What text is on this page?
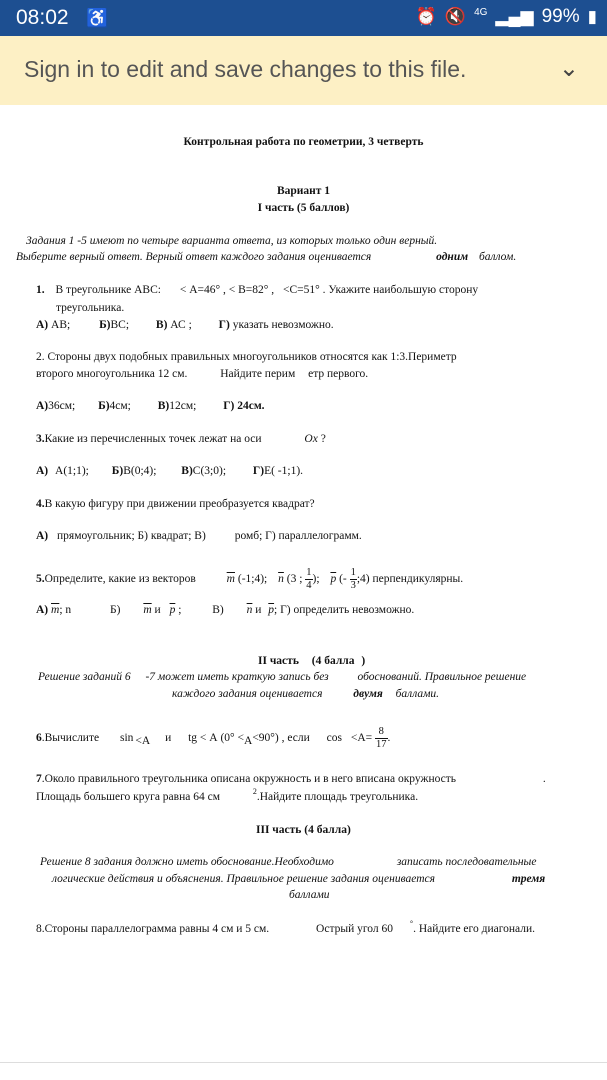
08:02 ♿	⏰ 🔇 4G ▂▄▆ 99% ▮
Sign in to edit and save changes to this file.	⌄
Контрольная работа по геометрии, 3 четверть
Вариант 1
I часть (5 баллов)
Задания 1 -5 имеют по четыре варианта ответа, из которых только один верный.
Выберите верный ответ. Верный ответ каждого задания оценивается	одним баллом.
1. В треугольнике АВС: < А=46° , < В=82° , <С=51° . Укажите наибольшую сторону
треугольника.
А) АВ;	Б)ВС; В) АС ; Г) указать невозможно.
2. Стороны двух подобных правильных многоугольников относятся как 1:3.Периметр
второго многоугольника 12 см.	Найдите перим етр первого.
А)36см; Б)4см; В)12см; Г) 24см.
3.Какие из перечисленных точек лежат на оси	Ох ?
А) А(1;1); Б)В(0;4); В)С(3;0); Г)Е( -1;1).
4.В какую фигуру при движении преобразуется квадрат?
А) прямоугольник; Б) квадрат; В)	ромб; Г) параллелограмм.
5.Определите, какие из векторов	$\overline{m}$ (-1;4); $\overline{n}$ (3 ; $\frac{1}{4}$ ); $\overline{p}$ (- $\frac{1}{3}$ ;4) перпендикулярны.
А) $\overline{m}$; n	Б) $\overline{m}$ и $\overline{p}$ ;	В) $\overline{n}$ и $\overline{p}$; Г) определить невозможно.
II часть (4 балла )
Решение заданий 6 -7 может иметь краткую запись без	обоснований. Правильное решение
каждого задания оценивается	двумя баллами.
6.Вычислите sin <А и tg < А (0° <А<90°) , если $\cos <А= \frac{8}{17}$ .
7.Около правильного треугольника описана окружность и в него вписана окружность	.
Площадь большего круга равна 64 см	$^2$.Найдите площадь треугольника.
III часть (4 балла)
Решение 8 задания должно иметь обоснование.Необходимо	записать последовательные
логические действия и объяснения. Правильное решение задания оценивается	тремя
баллами
8.Стороны параллелограмма равны 4 см и 5 см.	Острый угол 60 °. Найдите его диагонали.
